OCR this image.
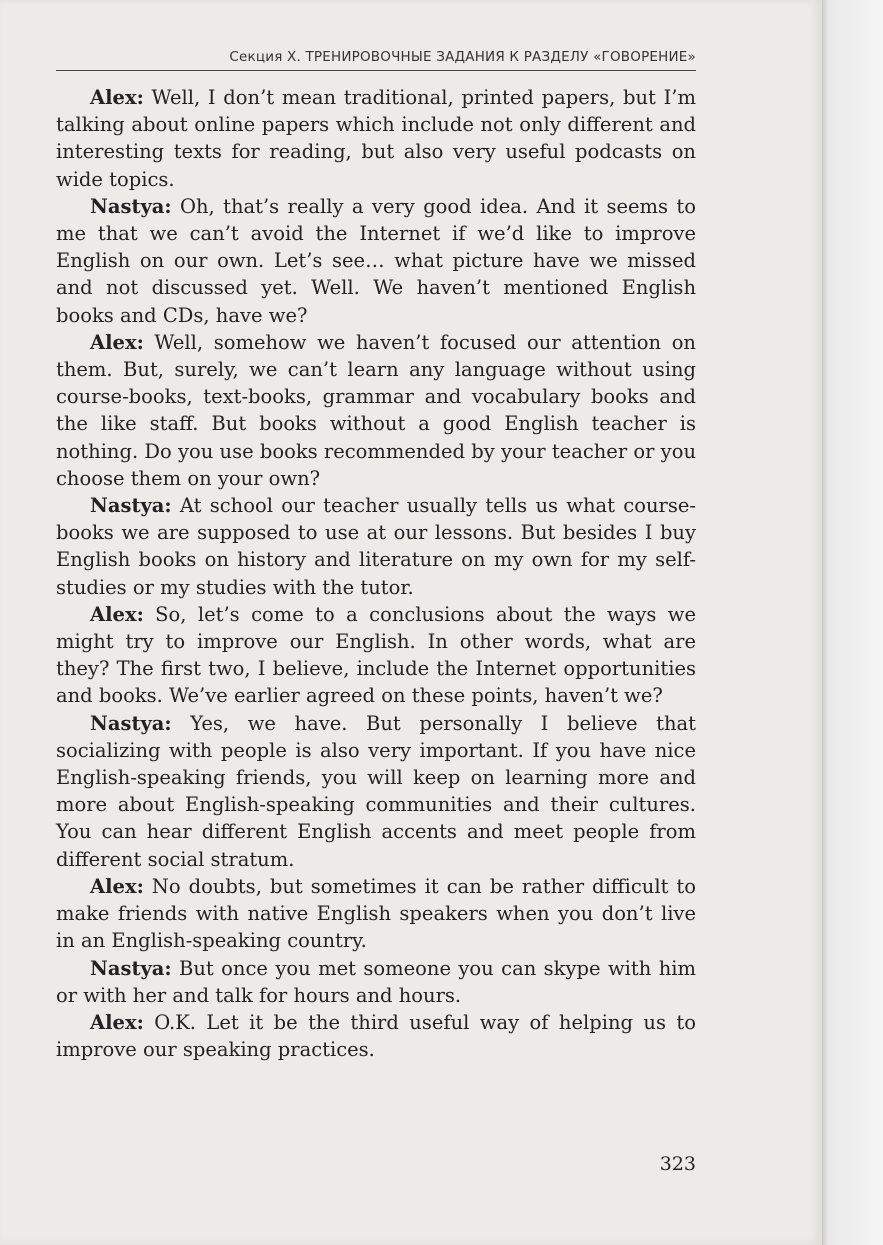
Секция X. ТРЕНИРОВОЧНЫЕ ЗАДАНИЯ К РАЗДЕЛУ «ГОВОРЕНИЕ»

Alex: Well, I don’t mean traditional, printed papers, but I’m talking about online papers which include not only different and interesting texts for reading, but also very useful podcasts on wide topics.

Nastya: Oh, that’s really a very good idea. And it seems to me that we can’t avoid the Internet if we’d like to improve English on our own. Let’s see… what picture have we missed and not discussed yet. Well. We haven’t mentioned English books and CDs, have we?

Alex: Well, somehow we haven’t focused our attention on them. But, surely, we can’t learn any language without using course-books, text-books, grammar and vocabulary books and the like staff. But books without a good English teacher is nothing. Do you use books recommended by your teacher or you choose them on your own?

Nastya: At school our teacher usually tells us what course-books we are supposed to use at our lessons. But besides I buy English books on history and literature on my own for my self-studies or my studies with the tutor.

Alex: So, let’s come to a conclusions about the ways we might try to improve our English. In other words, what are they? The first two, I believe, include the Internet opportunities and books. We’ve earlier agreed on these points, haven’t we?

Nastya: Yes, we have. But personally I believe that socializing with people is also very important. If you have nice English-speaking friends, you will keep on learning more and more about English-speaking communities and their cultures. You can hear different English accents and meet people from different social stratum.

Alex: No doubts, but sometimes it can be rather difficult to make friends with native English speakers when you don’t live in an English-speaking country.

Nastya: But once you met someone you can skype with him or with her and talk for hours and hours.

Alex: O.K. Let it be the third useful way of helping us to improve our speaking practices.

323
